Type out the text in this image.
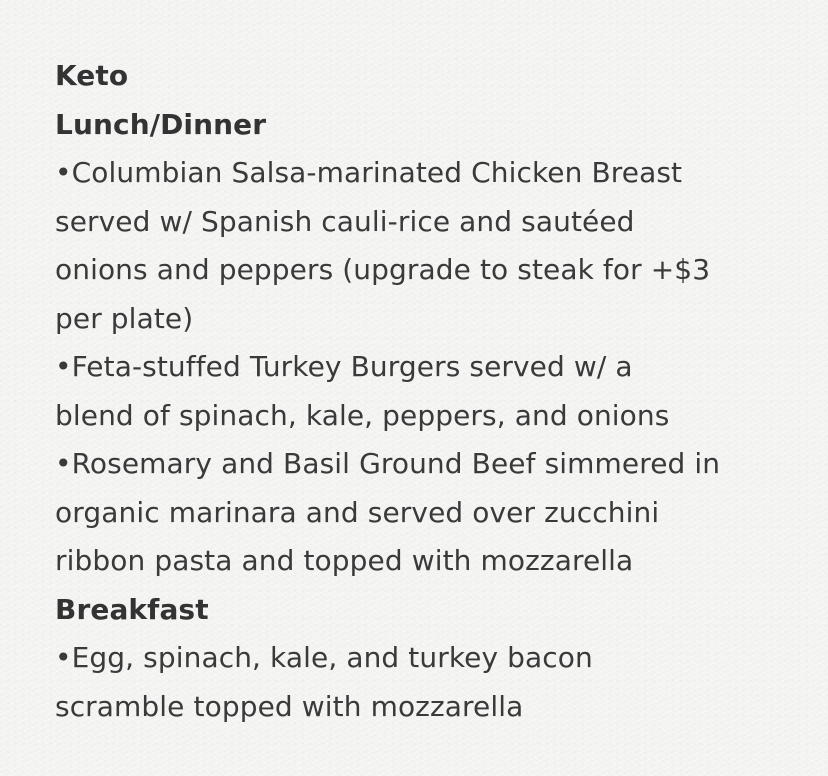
Keto
Lunch/Dinner
•Columbian Salsa-marinated Chicken Breast
served w/ Spanish cauli-rice and sautéed
onions and peppers (upgrade to steak for +$3
per plate)
•Feta-stuffed Turkey Burgers served w/ a
blend of spinach, kale, peppers, and onions
•Rosemary and Basil Ground Beef simmered in
organic marinara and served over zucchini
ribbon pasta and topped with mozzarella
Breakfast
•Egg, spinach, kale, and turkey bacon
scramble topped with mozzarella
